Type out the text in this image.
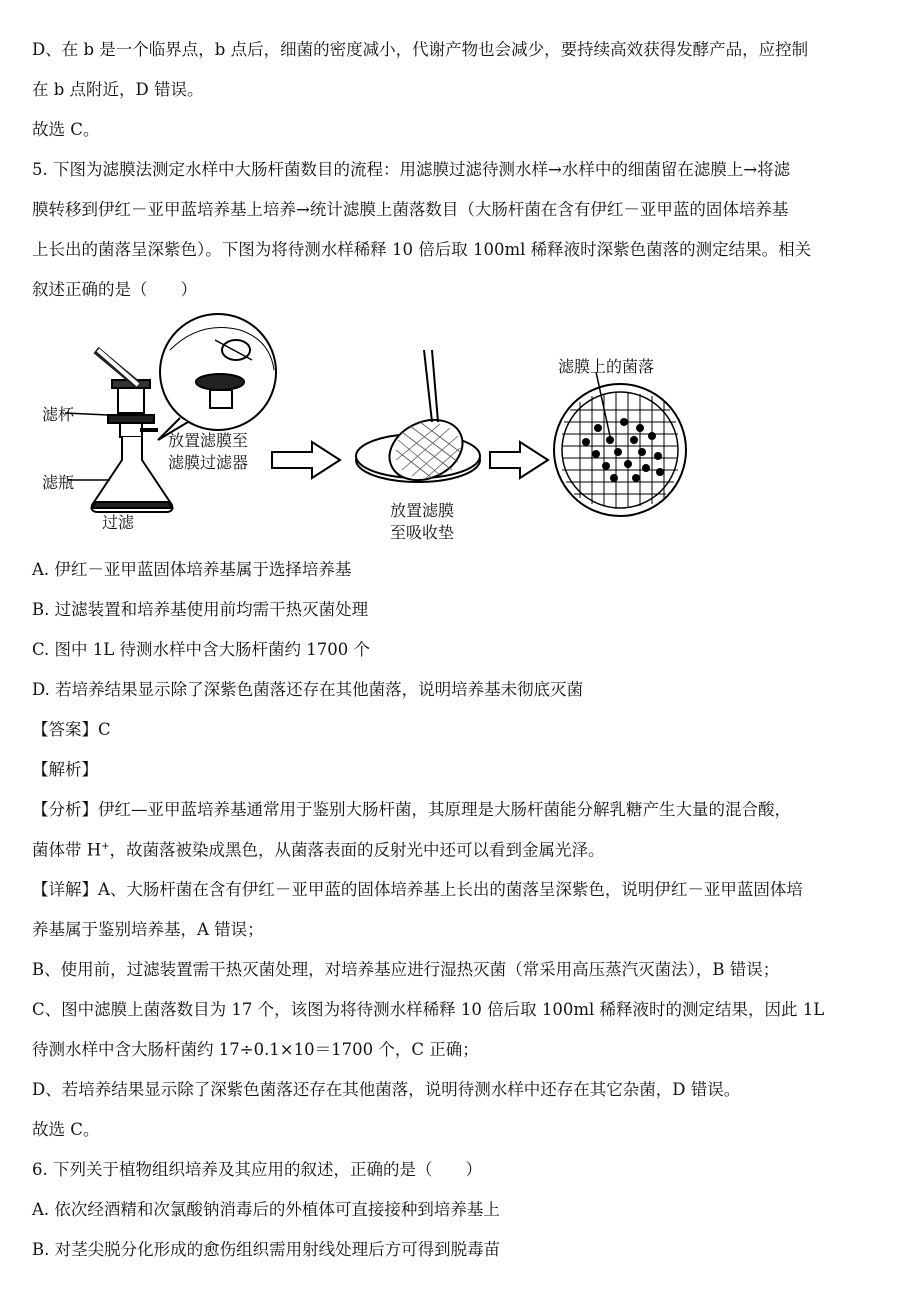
D、在 b 是一个临界点，b 点后，细菌的密度减小，代谢产物也会减少，要持续高效获得发酵产品，应控制
在 b 点附近，D 错误。
故选 C。
5. 下图为滤膜法测定水样中大肠杆菌数目的流程：用滤膜过滤待测水样→水样中的细菌留在滤膜上→将滤
膜转移到伊红－亚甲蓝培养基上培养→统计滤膜上菌落数目（大肠杆菌在含有伊红－亚甲蓝的固体培养基
上长出的菌落呈深紫色）。下图为将待测水样稀释 10 倍后取 100ml 稀释液时深紫色菌落的测定结果。相关
叙述正确的是（　　）
滤杯
滤瓶
过滤
放置滤膜至
滤膜过滤器
放置滤膜
至吸收垫
滤膜上的菌落
A. 伊红－亚甲蓝固体培养基属于选择培养基
B. 过滤装置和培养基使用前均需干热灭菌处理
C. 图中 1L 待测水样中含大肠杆菌约 1700 个
D. 若培养结果显示除了深紫色菌落还存在其他菌落，说明培养基未彻底灭菌
【答案】C
【解析】
【分析】伊红—亚甲蓝培养基通常用于鉴别大肠杆菌，其原理是大肠杆菌能分解乳糖产生大量的混合酸，
菌体带 H+，故菌落被染成黑色，从菌落表面的反射光中还可以看到金属光泽。
【详解】A、大肠杆菌在含有伊红－亚甲蓝的固体培养基上长出的菌落呈深紫色，说明伊红－亚甲蓝固体培
养基属于鉴别培养基，A 错误；
B、使用前，过滤装置需干热灭菌处理，对培养基应进行湿热灭菌（常采用高压蒸汽灭菌法），B 错误；
C、图中滤膜上菌落数目为 17 个，该图为将待测水样稀释 10 倍后取 100ml 稀释液时的测定结果，因此 1L
待测水样中含大肠杆菌约 17÷0.1×10＝1700 个，C 正确；
D、若培养结果显示除了深紫色菌落还存在其他菌落，说明待测水样中还存在其它杂菌，D 错误。
故选 C。
6. 下列关于植物组织培养及其应用的叙述，正确的是（　　）
A. 依次经酒精和次氯酸钠消毒后的外植体可直接接种到培养基上
B. 对茎尖脱分化形成的愈伤组织需用射线处理后方可得到脱毒苗
